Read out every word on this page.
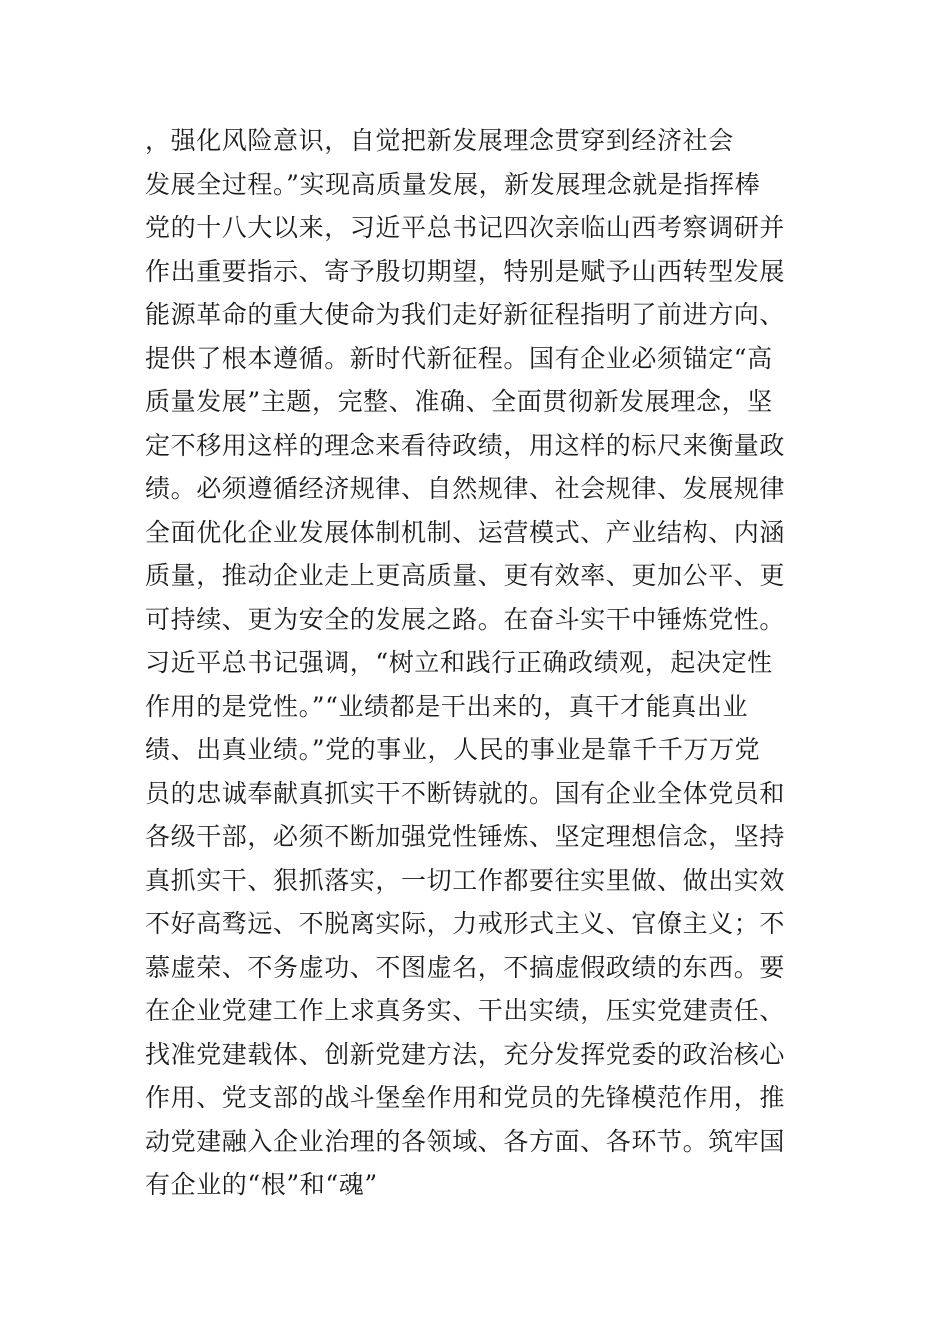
，强化风险意识，自觉把新发展理念贯穿到经济社会
发展全过程。”实现高质量发展，新发展理念就是指挥棒
党的十八大以来，习近平总书记四次亲临山西考察调研并
作出重要指示、寄予殷切期望，特别是赋予山西转型发展
能源革命的重大使命为我们走好新征程指明了前进方向、
提供了根本遵循。新时代新征程。国有企业必须锚定“高
质量发展”主题，完整、准确、全面贯彻新发展理念，坚
定不移用这样的理念来看待政绩，用这样的标尺来衡量政
绩。必须遵循经济规律、自然规律、社会规律、发展规律
全面优化企业发展体制机制、运营模式、产业结构、内涵
质量，推动企业走上更高质量、更有效率、更加公平、更
可持续、更为安全的发展之路。在奋斗实干中锤炼党性。
习近平总书记强调，“树立和践行正确政绩观，起决定性
作用的是党性。”“业绩都是干出来的，真干才能真出业
绩、出真业绩。”党的事业，人民的事业是靠千千万万党
员的忠诚奉献真抓实干不断铸就的。国有企业全体党员和
各级干部，必须不断加强党性锤炼、坚定理想信念，坚持
真抓实干、狠抓落实，一切工作都要往实里做、做出实效
不好高骛远、不脱离实际，力戒形式主义、官僚主义；不
慕虚荣、不务虚功、不图虚名，不搞虚假政绩的东西。要
在企业党建工作上求真务实、干出实绩，压实党建责任、
找准党建载体、创新党建方法，充分发挥党委的政治核心
作用、党支部的战斗堡垒作用和党员的先锋模范作用，推
动党建融入企业治理的各领域、各方面、各环节。筑牢国
有企业的“根”和“魂”
